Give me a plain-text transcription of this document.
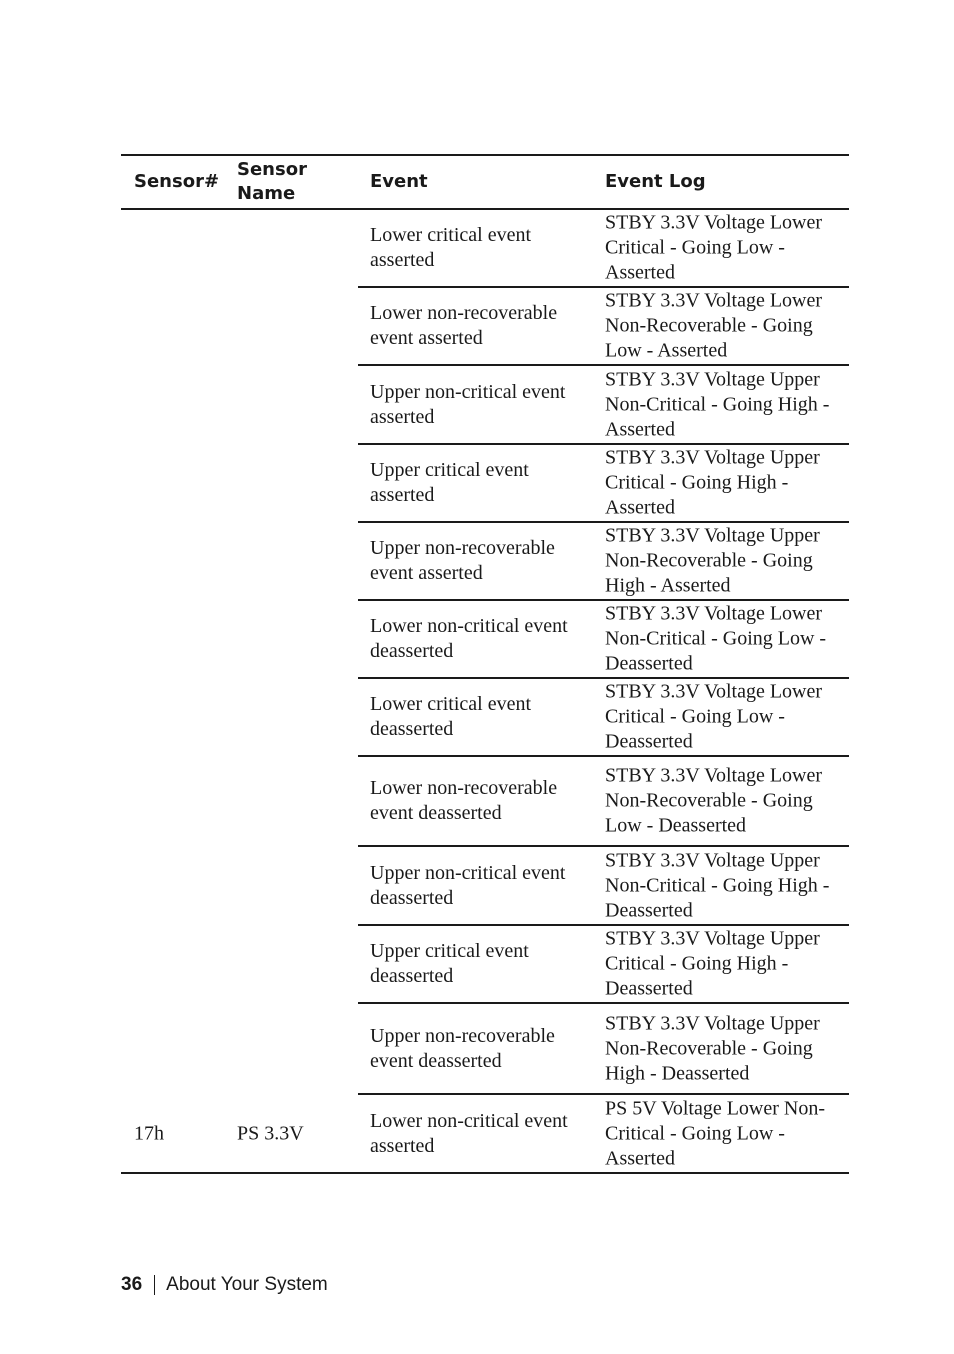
Sensor#
Sensor
Name
Event	Event Log
Lower critical event asserted
STBY 3.3V Voltage Lower Critical - Going Low - Asserted
Lower non-recoverable event asserted
STBY 3.3V Voltage Lower Non-Recoverable - Going Low - Asserted
Upper non-critical event asserted
STBY 3.3V Voltage Upper Non-Critical - Going High - Asserted
Upper critical event asserted
STBY 3.3V Voltage Upper Critical - Going High - Asserted
Upper non-recoverable event asserted
STBY 3.3V Voltage Upper Non-Recoverable - Going High - Asserted
Lower non-critical event deasserted
STBY 3.3V Voltage Lower Non-Critical - Going Low - Deasserted
Lower critical event deasserted
STBY 3.3V Voltage Lower Critical - Going Low - Deasserted
Lower non-recoverable event deasserted
STBY 3.3V Voltage Lower Non-Recoverable - Going Low - Deasserted
Upper non-critical event deasserted
STBY 3.3V Voltage Upper Non-Critical - Going High - Deasserted
Upper critical event deasserted
STBY 3.3V Voltage Upper Critical - Going High - Deasserted
Upper non-recoverable event deasserted
STBY 3.3V Voltage Upper Non-Recoverable - Going High - Deasserted
17h	PS 3.3V
Lower non-critical event asserted
PS 5V Voltage Lower Non-Critical - Going Low - Asserted
36 About Your System
